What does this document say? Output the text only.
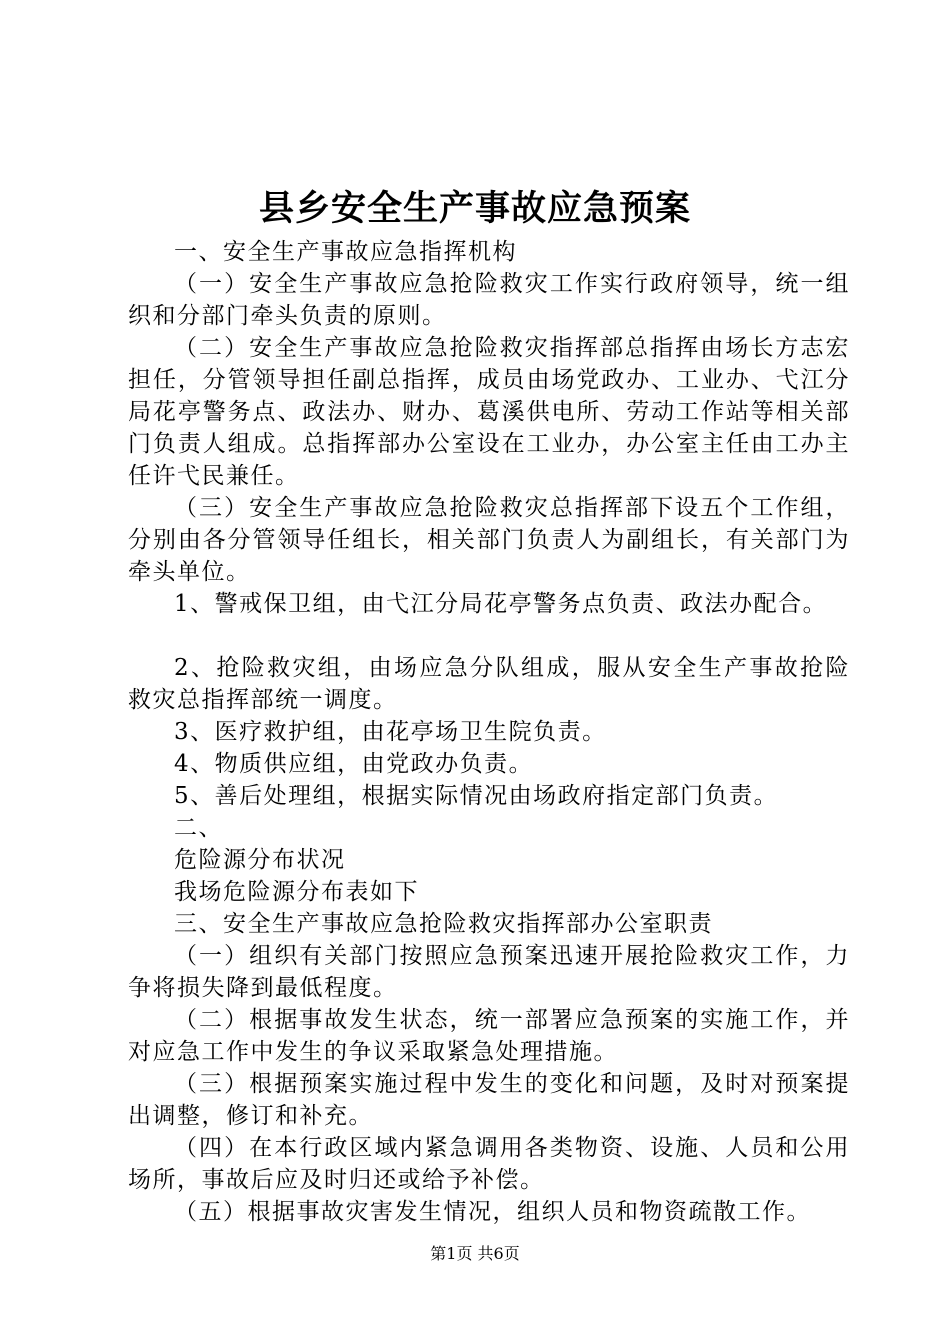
县乡安全生产事故应急预案

一、安全生产事故应急指挥机构

（一）安全生产事故应急抢险救灾工作实行政府领导，统一组织和分部门牵头负责的原则。

（二）安全生产事故应急抢险救灾指挥部总指挥由场长方志宏担任，分管领导担任副总指挥，成员由场党政办、工业办、弋江分局花亭警务点、政法办、财办、葛溪供电所、劳动工作站等相关部门负责人组成。总指挥部办公室设在工业办，办公室主任由工办主任许弋民兼任。

（三）安全生产事故应急抢险救灾总指挥部下设五个工作组，分别由各分管领导任组长，相关部门负责人为副组长，有关部门为牵头单位。

1、警戒保卫组，由弋江分局花亭警务点负责、政法办配合。

2、抢险救灾组，由场应急分队组成，服从安全生产事故抢险救灾总指挥部统一调度。

3、医疗救护组，由花亭场卫生院负责。

4、物质供应组，由党政办负责。

5、善后处理组，根据实际情况由场政府指定部门负责。

二、

危险源分布状况

我场危险源分布表如下

三、安全生产事故应急抢险救灾指挥部办公室职责

（一）组织有关部门按照应急预案迅速开展抢险救灾工作，力争将损失降到最低程度。

（二）根据事故发生状态，统一部署应急预案的实施工作，并对应急工作中发生的争议采取紧急处理措施。

（三）根据预案实施过程中发生的变化和问题，及时对预案提出调整，修订和补充。

（四）在本行政区域内紧急调用各类物资、设施、人员和公用场所，事故后应及时归还或给予补偿。

（五）根据事故灾害发生情况，组织人员和物资疏散工作。

第1页 共6页
